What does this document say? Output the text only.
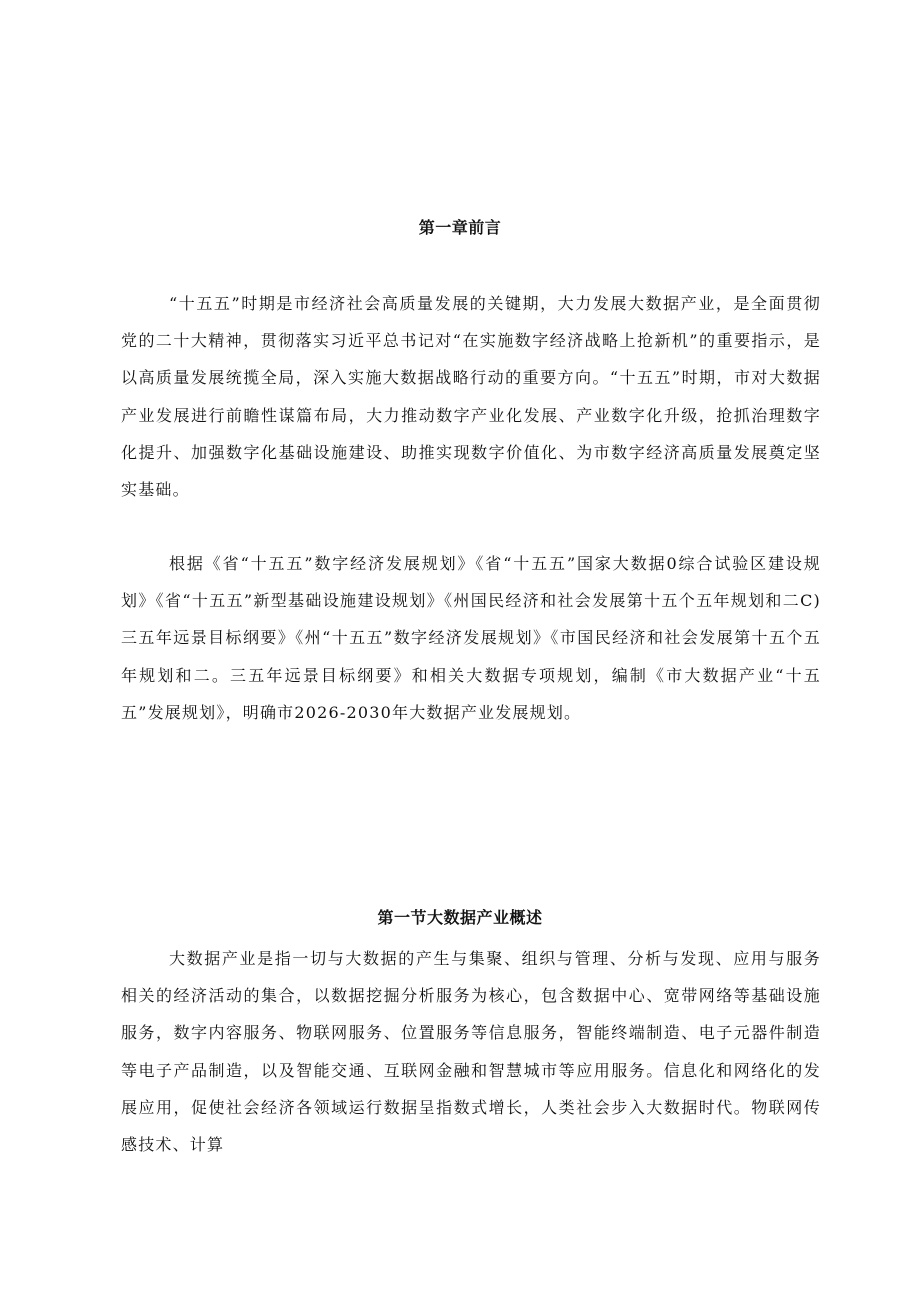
第一章前言

“十五五”时期是市经济社会高质量发展的关键期，大力发展大数据产业，是全面贯彻党的二十大精神，贯彻落实习近平总书记对“在实施数字经济战略上抢新机”的重要指示，是以高质量发展统揽全局，深入实施大数据战略行动的重要方向。“十五五”时期，市对大数据产业发展进行前瞻性谋篇布局，大力推动数字产业化发展、产业数字化升级，抢抓治理数字化提升、加强数字化基础设施建设、助推实现数字价值化、为市数字经济高质量发展奠定坚实基础。

根据《省“十五五”数字经济发展规划》《省“十五五”国家大数据0综合试验区建设规划》《省“十五五”新型基础设施建设规划》《州国民经济和社会发展第十五个五年规划和二C)三五年远景目标纲要》《州“十五五”数字经济发展规划》《市国民经济和社会发展第十五个五年规划和二。三五年远景目标纲要》和相关大数据专项规划，编制《市大数据产业“十五五”发展规划》，明确市2026-2030年大数据产业发展规划。

第一节大数据产业概述

大数据产业是指一切与大数据的产生与集聚、组织与管理、分析与发现、应用与服务相关的经济活动的集合，以数据挖掘分析服务为核心，包含数据中心、宽带网络等基础设施服务，数字内容服务、物联网服务、位置服务等信息服务，智能终端制造、电子元器件制造等电子产品制造，以及智能交通、互联网金融和智慧城市等应用服务。信息化和网络化的发展应用，促使社会经济各领域运行数据呈指数式增长，人类社会步入大数据时代。物联网传感技术、计算
